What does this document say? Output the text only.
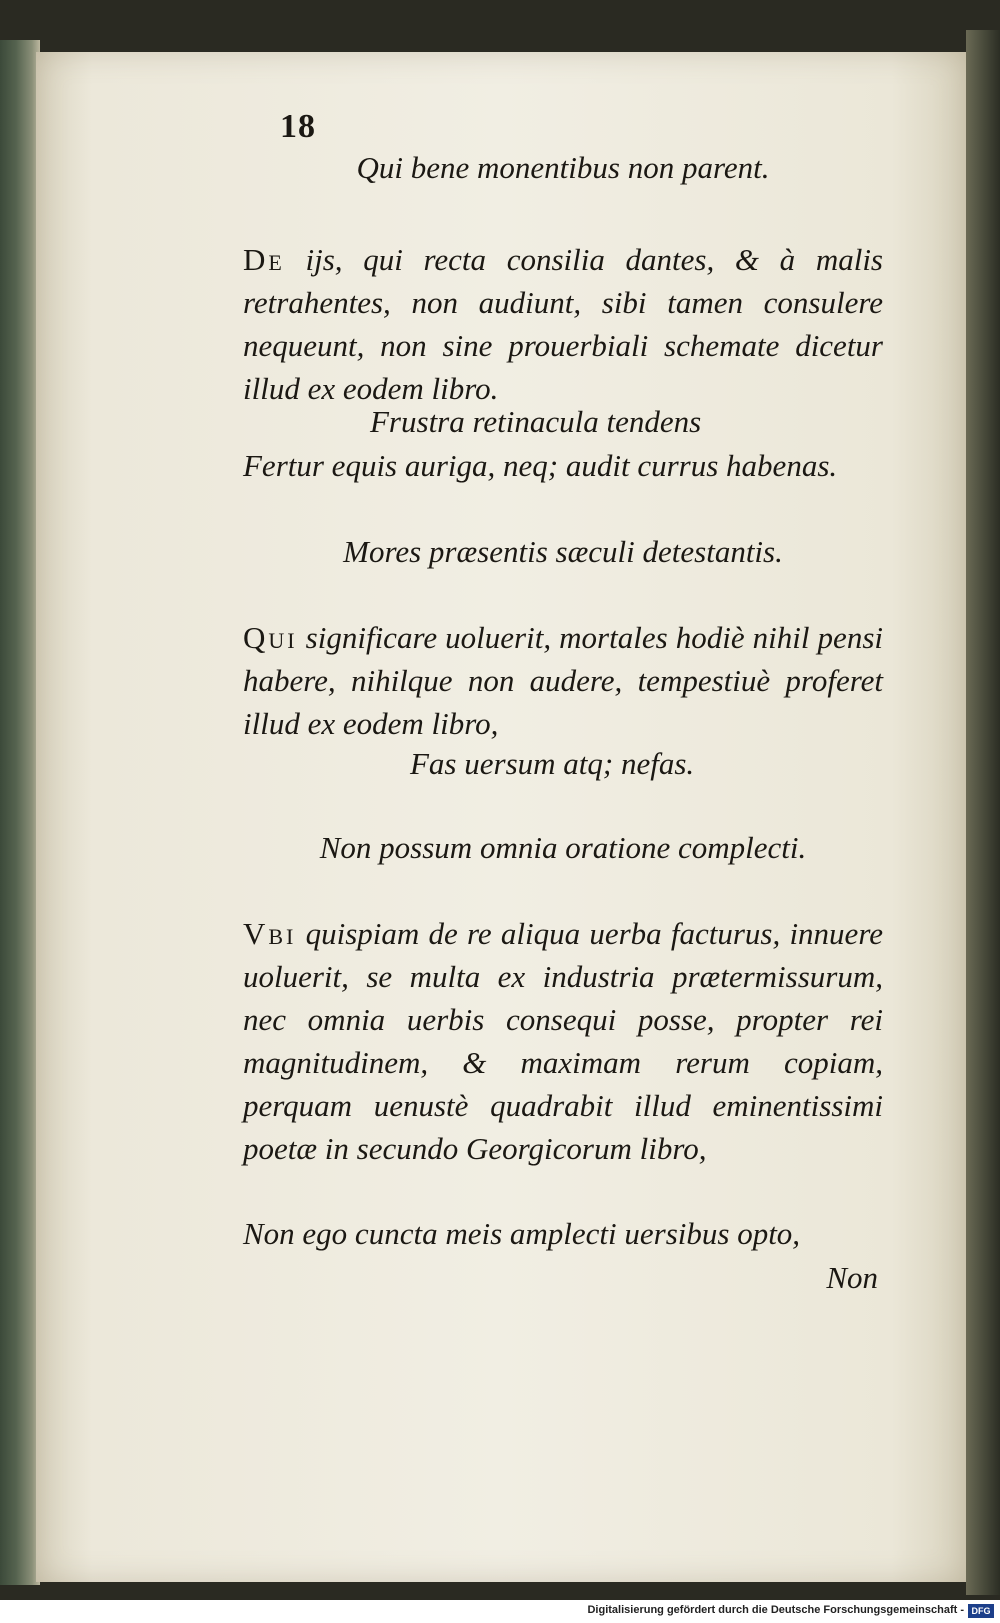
18
Qui bene monentibus non parent.
De ijs, qui recta consilia dantes, & à malis retrahentes, non audiunt, sibi tamen consulere nequeunt, non sine prouerbiali schemate dicetur illud ex eodem libro.
Frustra retinacula tendens
Fertur equis auriga, neq; audit currus habenas.
Mores præsentis sæculi detestantis.
Qui significare uoluerit, mortales hodiè nihil pensi habere, nihilque non audere, tempestiuè proferet illud ex eodem libro,
Fas uersum atq; nefas.
Non possum omnia oratione complecti.
Vbi quispiam de re aliqua uerba facturus, innuere uoluerit, se multa ex industria prætermissurum, nec omnia uerbis consequi posse, propter rei magnitudinem, & maximam rerum copiam, perquam uenustè quadrabit illud eminentissimi poetæ in secundo Georgicorum libro,
Non ego cuncta meis amplecti uersibus opto,
Non
Digitalisierung gefördert durch die Deutsche Forschungsgemeinschaft - DFG
